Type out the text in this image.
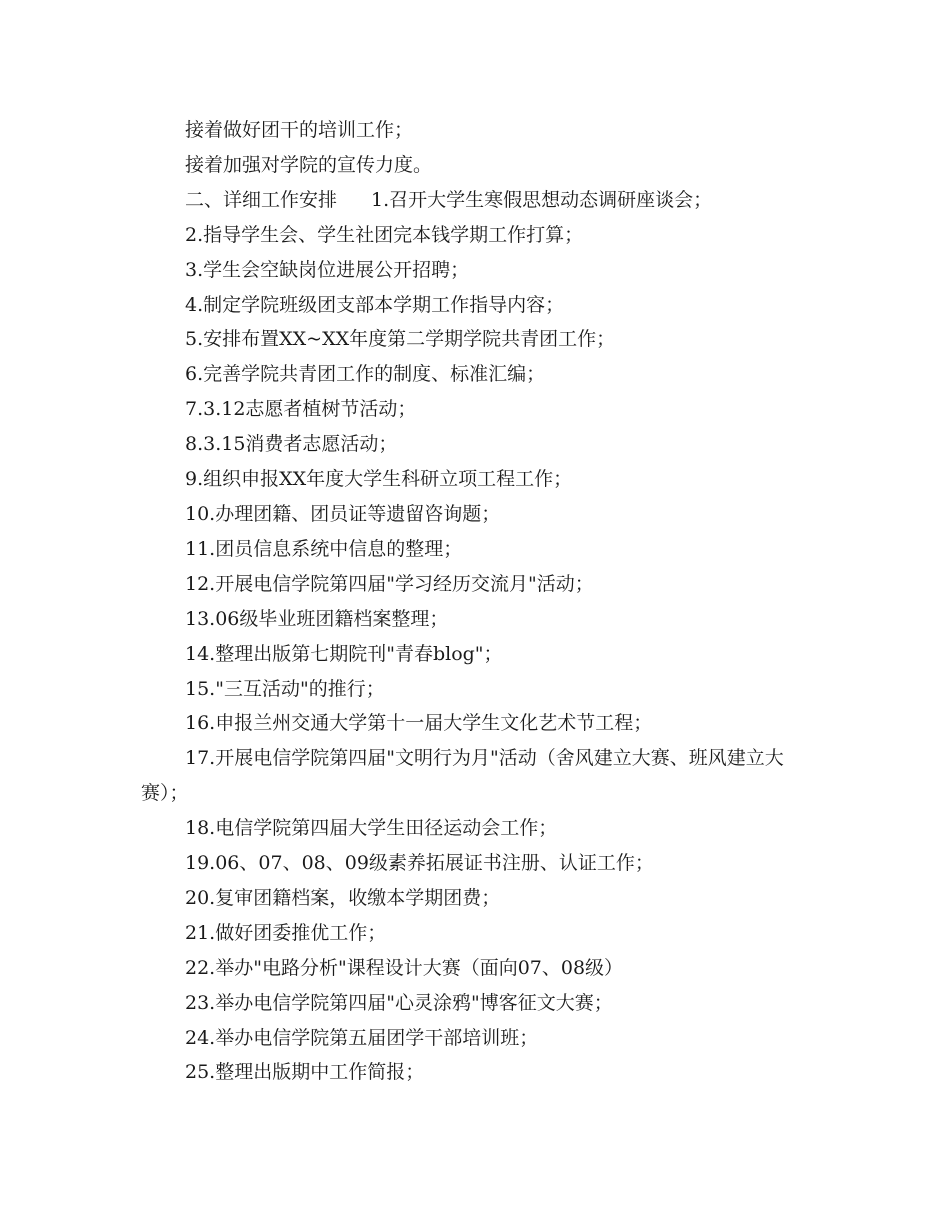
接着做好团干的培训工作；

接着加强对学院的宣传力度。

二、详细工作安排 1.召开大学生寒假思想动态调研座谈会；

2.指导学生会、学生社团完本钱学期工作打算；

3.学生会空缺岗位进展公开招聘；

4.制定学院班级团支部本学期工作指导内容；

5.安排布置XX~XX年度第二学期学院共青团工作；

6.完善学院共青团工作的制度、标准汇编；

7.3.12志愿者植树节活动；

8.3.15消费者志愿活动；

9.组织申报XX年度大学生科研立项工程工作；

10.办理团籍、团员证等遗留咨询题；

11.团员信息系统中信息的整理；

12.开展电信学院第四届"学习经历交流月"活动；

13.06级毕业班团籍档案整理；

14.整理出版第七期院刊"青春blog"；

15."三互活动"的推行；

16.申报兰州交通大学第十一届大学生文化艺术节工程；

17.开展电信学院第四届"文明行为月"活动（舍风建立大赛、班风建立大赛）；

18.电信学院第四届大学生田径运动会工作；

19.06、07、08、09级素养拓展证书注册、认证工作；

20.复审团籍档案，收缴本学期团费；

21.做好团委推优工作；

22.举办"电路分析"课程设计大赛（面向07、08级）

23.举办电信学院第四届"心灵涂鸦"博客征文大赛；

24.举办电信学院第五届团学干部培训班；

25.整理出版期中工作简报；
